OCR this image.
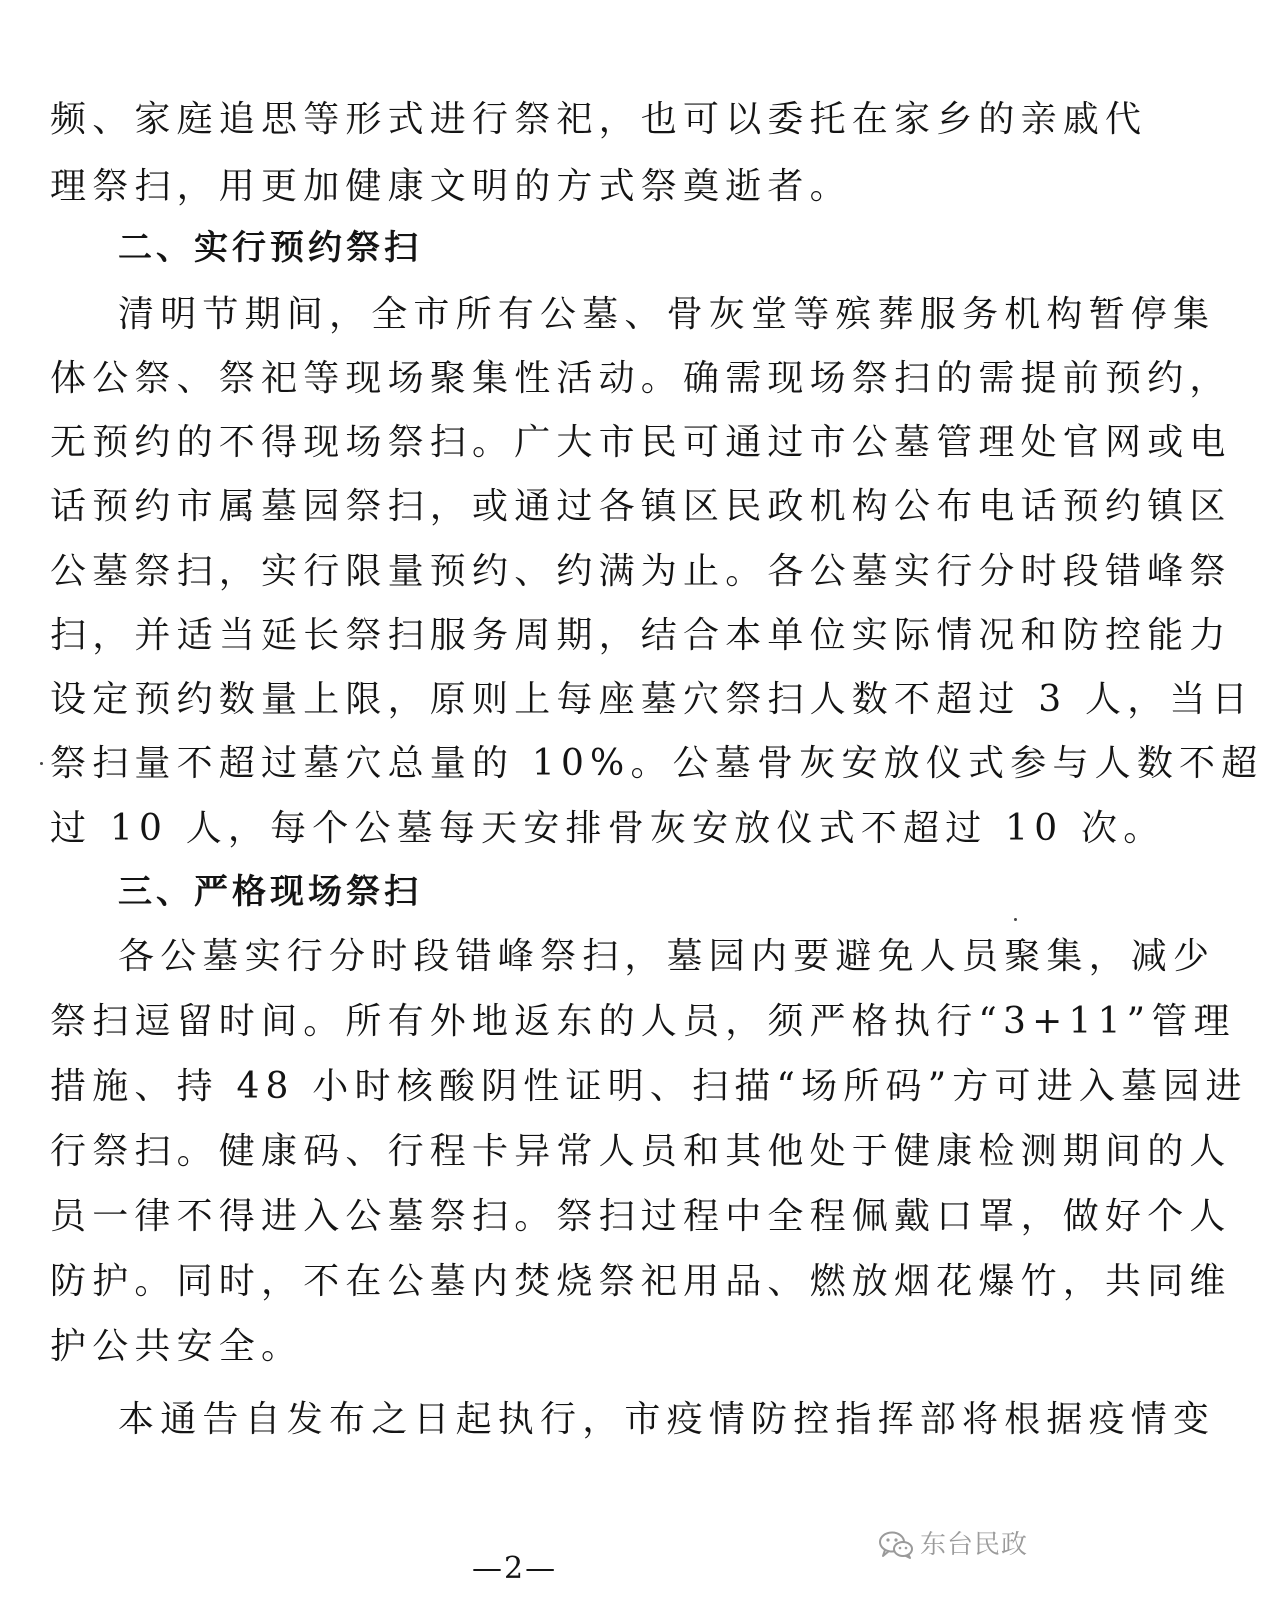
频、家庭追思等形式进行祭祀，也可以委托在家乡的亲戚代
理祭扫，用更加健康文明的方式祭奠逝者。
二、实行预约祭扫
清明节期间，全市所有公墓、骨灰堂等殡葬服务机构暂停集
体公祭、祭祀等现场聚集性活动。确需现场祭扫的需提前预约，
无预约的不得现场祭扫。广大市民可通过市公墓管理处官网或电
话预约市属墓园祭扫，或通过各镇区民政机构公布电话预约镇区
公墓祭扫，实行限量预约、约满为止。各公墓实行分时段错峰祭
扫，并适当延长祭扫服务周期，结合本单位实际情况和防控能力
设定预约数量上限，原则上每座墓穴祭扫人数不超过 3 人，当日
祭扫量不超过墓穴总量的 10%。公墓骨灰安放仪式参与人数不超
过 10 人，每个公墓每天安排骨灰安放仪式不超过 10 次。
三、严格现场祭扫
各公墓实行分时段错峰祭扫，墓园内要避免人员聚集，减少
祭扫逗留时间。所有外地返东的人员，须严格执行“3+11”管理
措施、持 48 小时核酸阴性证明、扫描“场所码”方可进入墓园进
行祭扫。健康码、行程卡异常人员和其他处于健康检测期间的人
员一律不得进入公墓祭扫。祭扫过程中全程佩戴口罩，做好个人
防护。同时，不在公墓内焚烧祭祀用品、燃放烟花爆竹，共同维
护公共安全。
本通告自发布之日起执行，市疫情防控指挥部将根据疫情变
—2—
东台民政
